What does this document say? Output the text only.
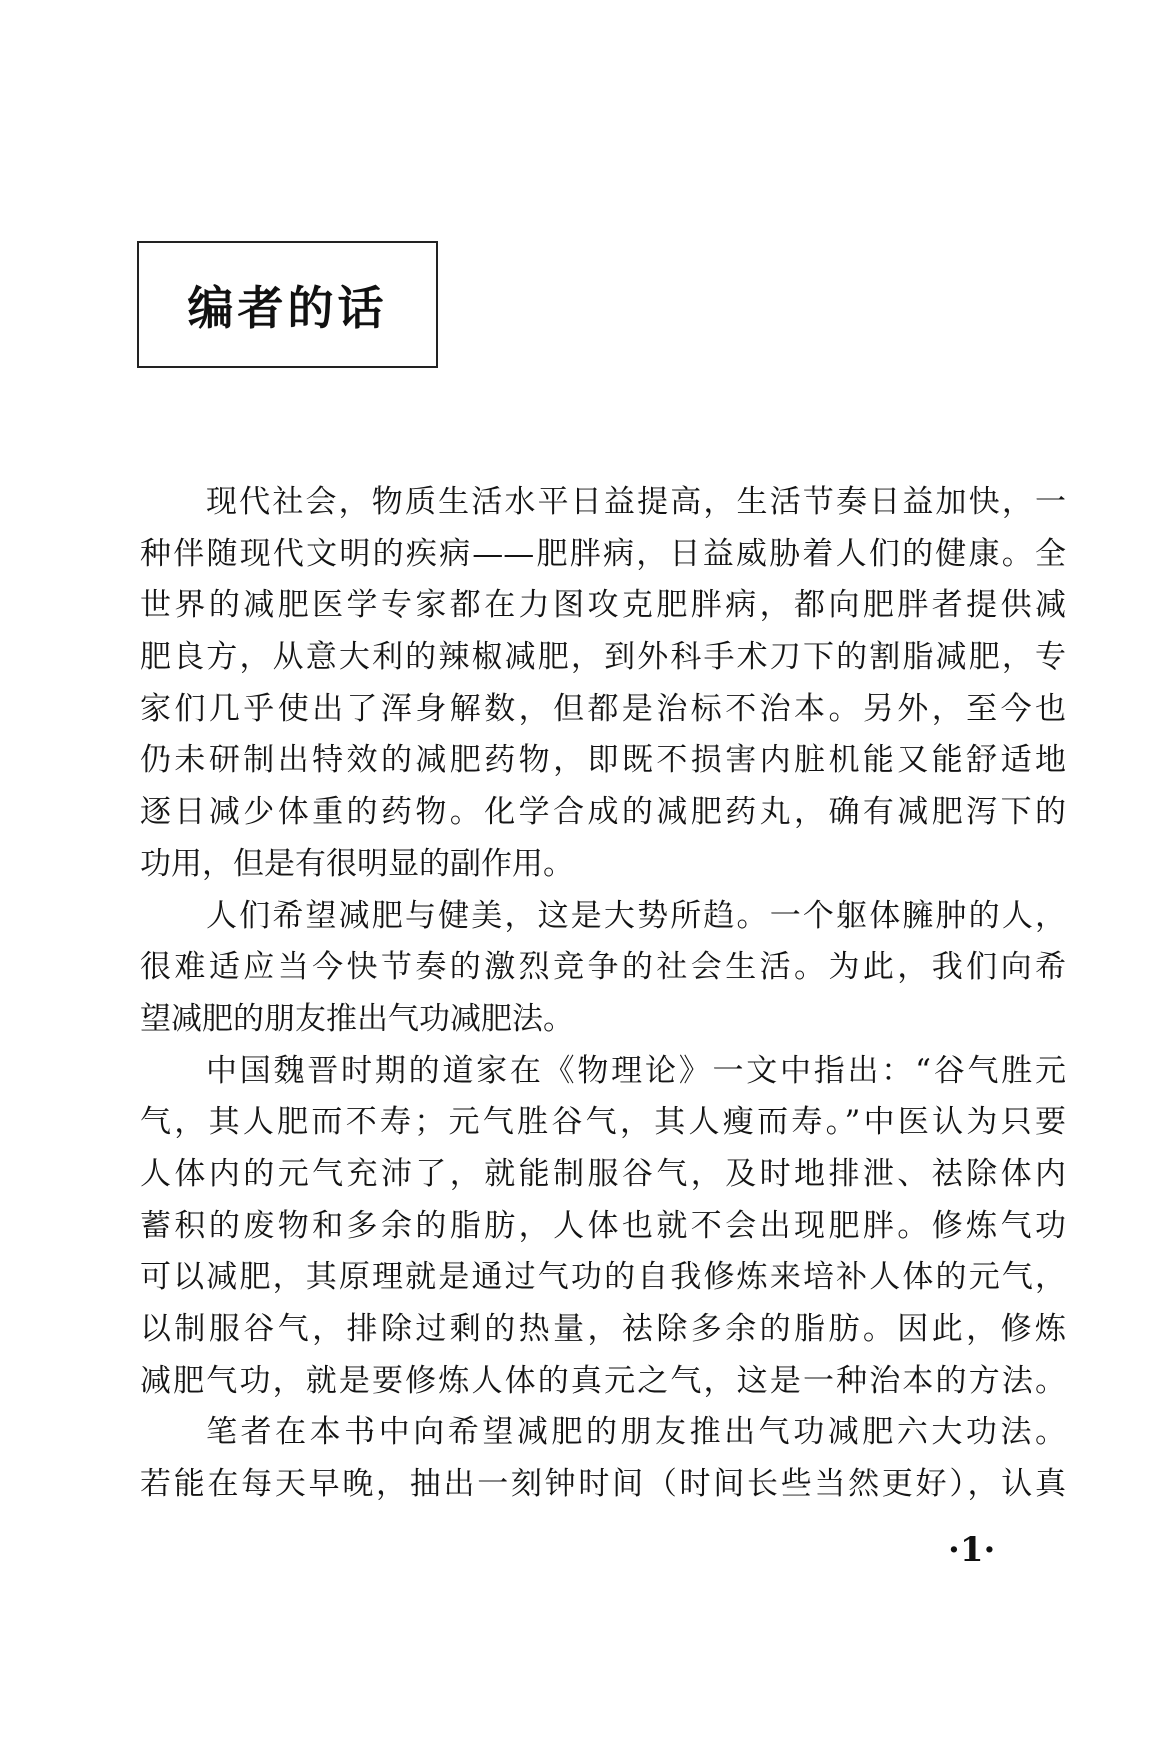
编者的话
现代社会，物质生活水平日益提高，生活节奏日益加快，一
种伴随现代文明的疾病——肥胖病，日益威胁着人们的健康。全
世界的减肥医学专家都在力图攻克肥胖病，都向肥胖者提供减
肥良方，从意大利的辣椒减肥，到外科手术刀下的割脂减肥，专
家们几乎使出了浑身解数，但都是治标不治本。另外，至今也
仍未研制出特效的减肥药物，即既不损害内脏机能又能舒适地
逐日减少体重的药物。化学合成的减肥药丸，确有减肥泻下的
功用，但是有很明显的副作用。
人们希望减肥与健美，这是大势所趋。一个躯体臃肿的人，
很难适应当今快节奏的激烈竞争的社会生活。为此，我们向希
望减肥的朋友推出气功减肥法。
中国魏晋时期的道家在《物理论》一文中指出：“谷气胜元
气，其人肥而不寿；元气胜谷气，其人瘦而寿。”中医认为只要
人体内的元气充沛了，就能制服谷气，及时地排泄、祛除体内
蓄积的废物和多余的脂肪，人体也就不会出现肥胖。修炼气功
可以减肥，其原理就是通过气功的自我修炼来培补人体的元气，
以制服谷气，排除过剩的热量，祛除多余的脂肪。因此，修炼
减肥气功，就是要修炼人体的真元之气，这是一种治本的方法。
笔者在本书中向希望减肥的朋友推出气功减肥六大功法。
若能在每天早晚，抽出一刻钟时间（时间长些当然更好），认真
·1·
